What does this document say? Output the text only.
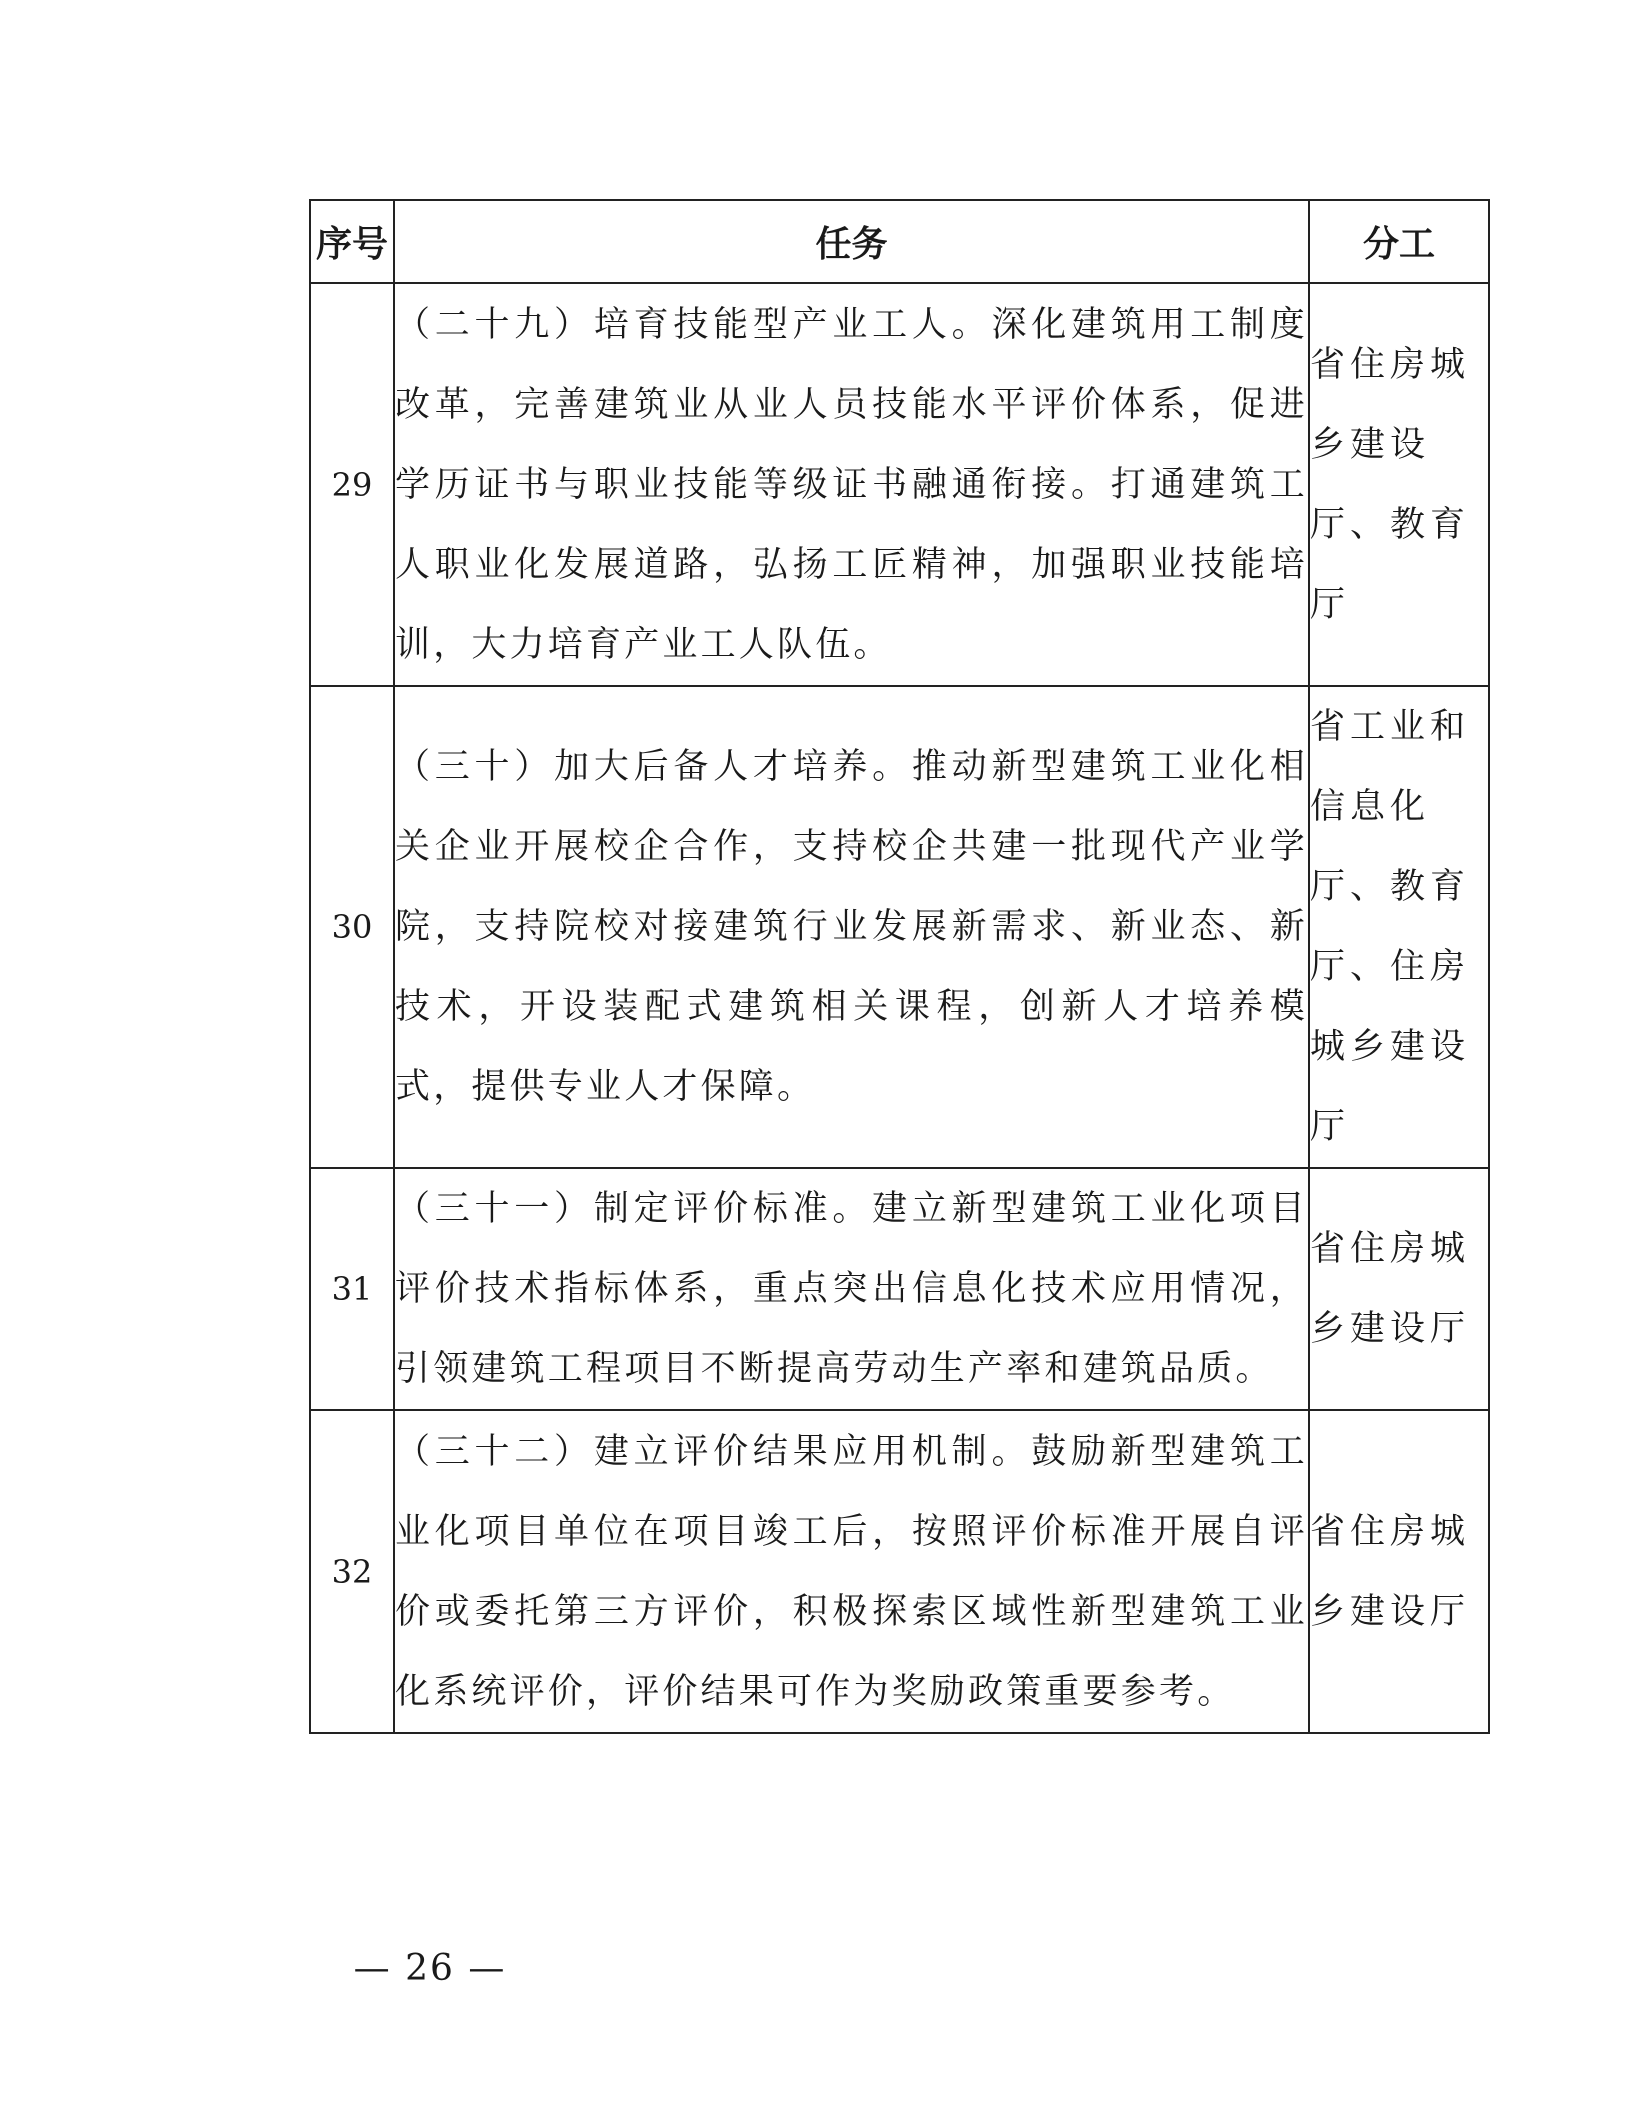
序号	任务	分工
29	（二十九）培育技能型产业工人。深化建筑用工制度改革，完善建筑业从业人员技能水平评价体系，促进学历证书与职业技能等级证书融通衔接。打通建筑工人职业化发展道路，弘扬工匠精神，加强职业技能培训，大力培育产业工人队伍。	省住房城乡建设厅、教育厅
30	（三十）加大后备人才培养。推动新型建筑工业化相关企业开展校企合作，支持校企共建一批现代产业学院，支持院校对接建筑行业发展新需求、新业态、新技术，开设装配式建筑相关课程，创新人才培养模式，提供专业人才保障。	省工业和信息化厅、教育厅、住房城乡建设厅
31	（三十一）制定评价标准。建立新型建筑工业化项目评价技术指标体系，重点突出信息化技术应用情况，引领建筑工程项目不断提高劳动生产率和建筑品质。	省住房城乡建设厅
32	（三十二）建立评价结果应用机制。鼓励新型建筑工业化项目单位在项目竣工后，按照评价标准开展自评价或委托第三方评价，积极探索区域性新型建筑工业化系统评价，评价结果可作为奖励政策重要参考。	省住房城乡建设厅
— 26 —
